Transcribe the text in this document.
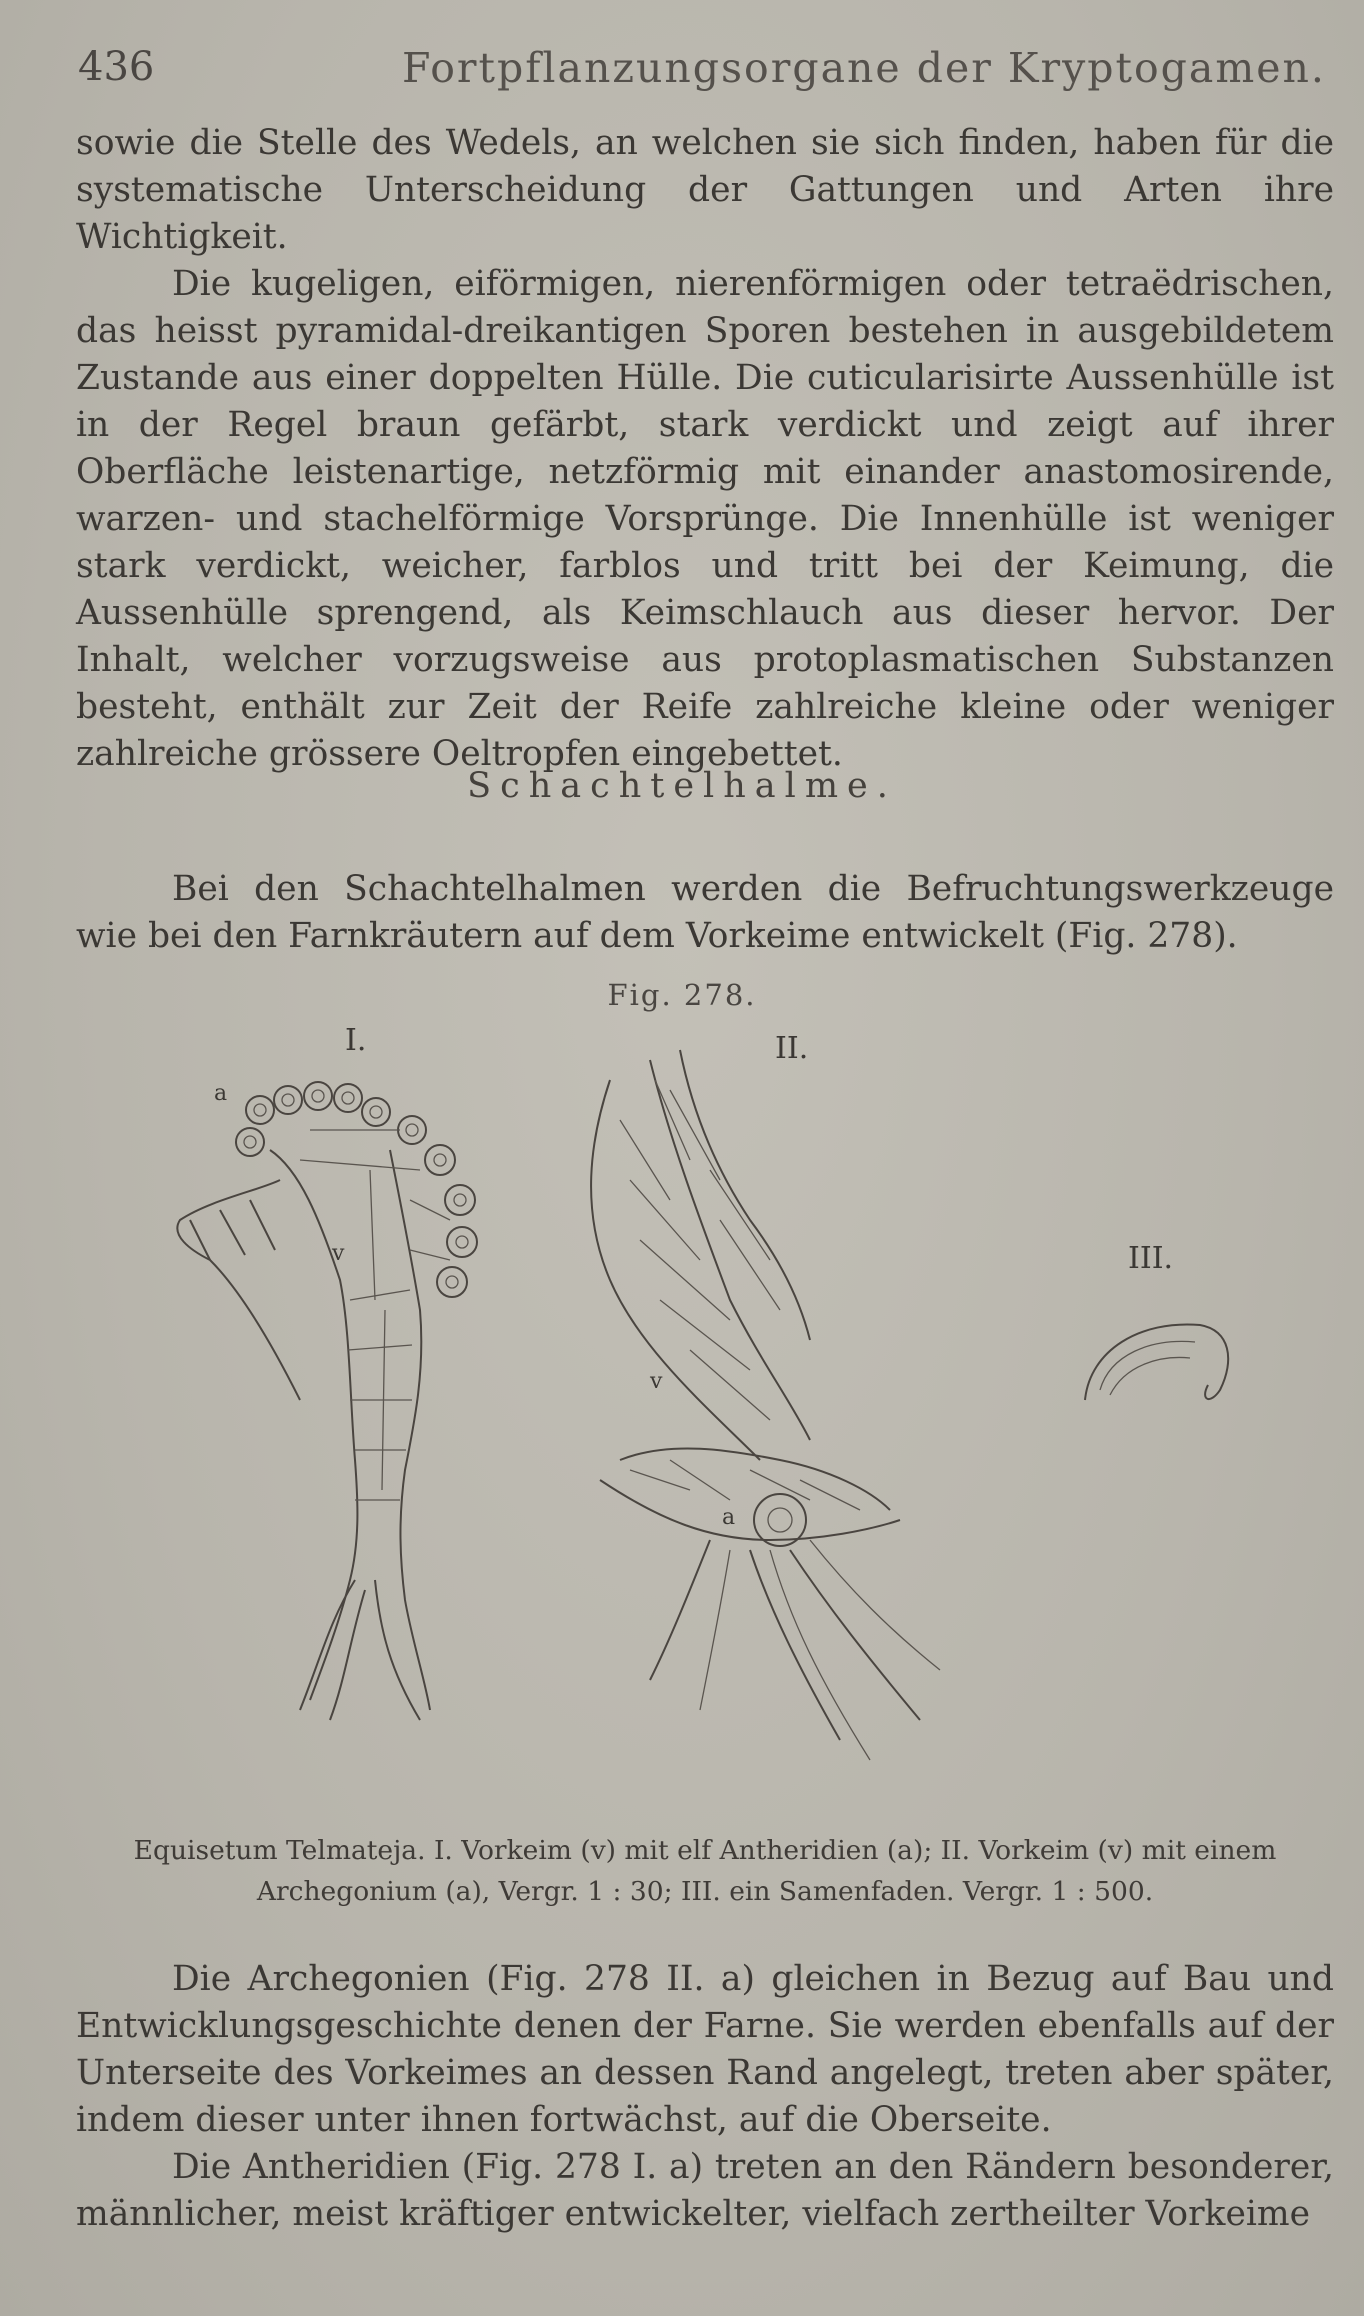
436	Fortpflanzungsorgane der Kryptogamen.

sowie die Stelle des Wedels, an welchen sie sich finden, haben für die systematische Unterscheidung der Gattungen und Arten ihre Wichtigkeit.

Die kugeligen, eiförmigen, nierenförmigen oder tetraëdrischen, das heisst pyramidal-dreikantigen Sporen bestehen in ausgebildetem Zustande aus einer doppelten Hülle. Die cuticularisirte Aussenhülle ist in der Regel braun gefärbt, stark verdickt und zeigt auf ihrer Oberfläche leistenartige, netzförmig mit einander anastomosirende, warzen- und stachelförmige Vorsprünge. Die Innenhülle ist weniger stark verdickt, weicher, farblos und tritt bei der Keimung, die Aussenhülle sprengend, als Keimschlauch aus dieser hervor. Der Inhalt, welcher vorzugsweise aus protoplasmatischen Substanzen besteht, enthält zur Zeit der Reife zahlreiche kleine oder weniger zahlreiche grössere Oeltropfen eingebettet.

Schachtelhalme.
Bei den Schachtelhalmen werden die Befruchtungswerkzeuge wie bei den Farnkräutern auf dem Vorkeime entwickelt (Fig. 278).
Fig. 278.
I.
a
v
II.
v
a
III.

Equisetum Telmateja. I. Vorkeim (v) mit elf Antheridien (a); II. Vorkeim (v) mit einem

Archegonium (a), Vergr. 1 : 30; III. ein Samenfaden. Vergr. 1 : 500.

Die Archegonien (Fig. 278 II. a) gleichen in Bezug auf Bau und Entwicklungsgeschichte denen der Farne. Sie werden ebenfalls auf der Unterseite des Vorkeimes an dessen Rand angelegt, treten aber später, indem dieser unter ihnen fortwächst, auf die Oberseite.

Die Antheridien (Fig. 278 I. a) treten an den Rändern besonderer, männlicher, meist kräftiger entwickelter, vielfach zertheilter Vorkeime
